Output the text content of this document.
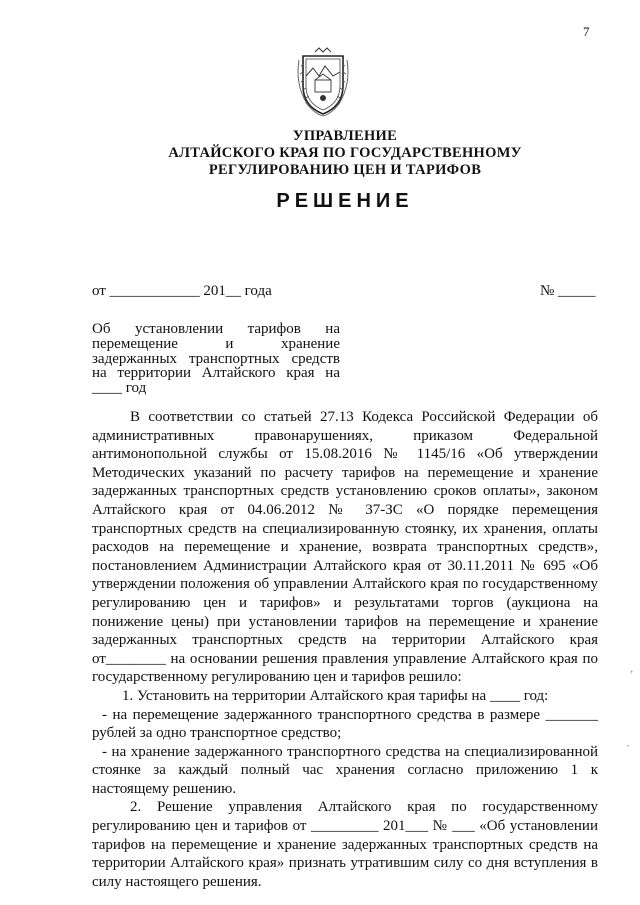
7
УПРАВЛЕНИЕ
АЛТАЙСКОГО КРАЯ ПО ГОСУДАРСТВЕННОМУ
РЕГУЛИРОВАНИЮ ЦЕН И ТАРИФОВ
РЕШЕНИЕ
от ____________ 201__ года	№ _____

Об установлении тарифов на

перемещение и хранение

задержанных транспортных средств

на территории Алтайского края на

____ год

В соответствии со статьей 27.13 Кодекса Российской Федерации об административных правонарушениях, приказом Федеральной антимонопольной службы от 15.08.2016 № 1145/16 «Об утверждении Методических указаний по расчету тарифов на перемещение и хранение задержанных транспортных средств установлению сроков оплаты», законом Алтайского края от 04.06.2012 № 37-ЗС «О порядке перемещения транспортных средств на специализированную стоянку, их хранения, оплаты расходов на перемещение и хранение, возврата транспортных средств», постановлением Администрации Алтайского края от 30.11.2011 № 695 «Об утверждении положения об управлении Алтайского края по государственному регулированию цен и тарифов» и результатами торгов (аукциона на понижение цены) при установлении тарифов на перемещение и хранение задержанных транспортных средств на территории Алтайского края от________ на основании решения правления управление Алтайского края по государственному регулированию цен и тарифов решило:

1. Установить на территории Алтайского края тарифы на ____ год:

- на перемещение задержанного транспортного средства в размере _______ рублей за одно транспортное средство;

- на хранение задержанного транспортного средства на специализированной стоянке за каждый полный час хранения согласно приложению 1 к настоящему решению.

2. Решение управления Алтайского края по государственному регулированию цен и тарифов от _________ 201___ № ___ «Об установлении тарифов на перемещение и хранение задержанных транспортных средств на территории Алтайского края» признать утратившим силу со дня вступления в силу настоящего решения.

,
·
